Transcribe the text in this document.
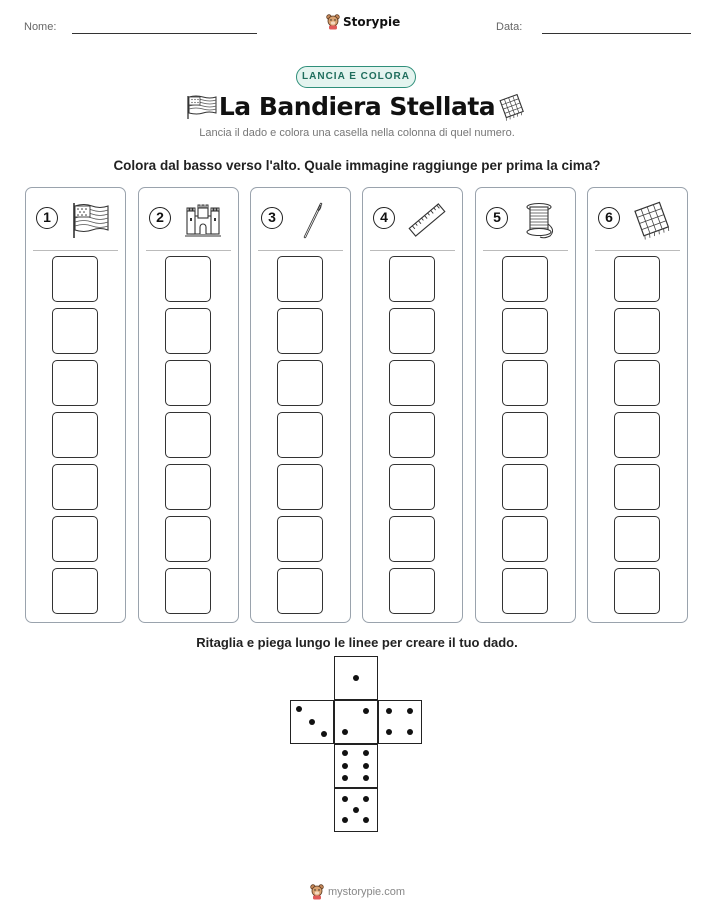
Nome:	Storypie	Data:
LANCIA E COLORA
La Bandiera Stellata
Lancia il dado e colora una casella nella colonna di quel numero.
Colora dal basso verso l'alto. Quale immagine raggiunge per prima la cima?
1	2	3	4	5	6
Ritaglia e piega lungo le linee per creare il tuo dado.
mystorypie.com
